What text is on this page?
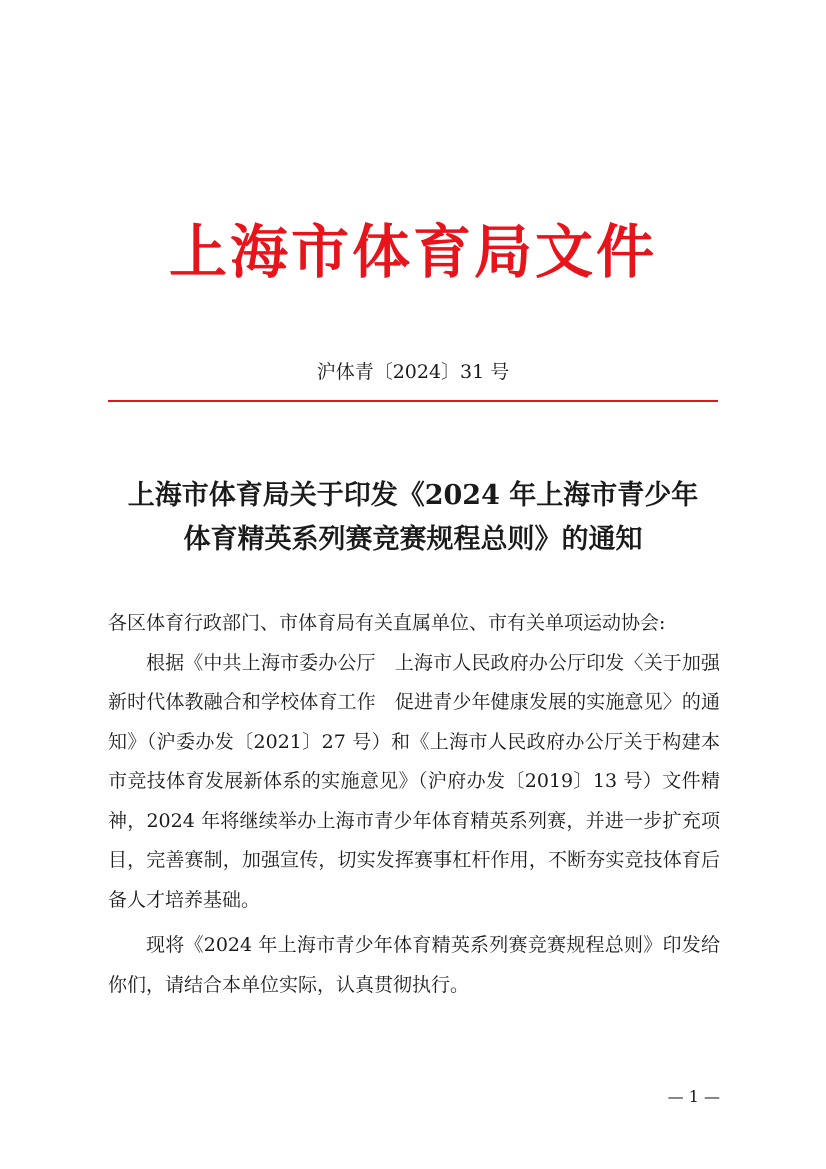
上海市体育局文件
沪体青〔2024〕31 号
上海市体育局关于印发《2024 年上海市青少年
体育精英系列赛竞赛规程总则》的通知

各区体育行政部门、市体育局有关直属单位、市有关单项运动协会:

根据《中共上海市委办公厅　上海市人民政府办公厅印发〈关于加强新时代体教融合和学校体育工作　促进青少年健康发展的实施意见〉的通知》（沪委办发〔2021〕27 号）和《上海市人民政府办公厅关于构建本市竞技体育发展新体系的实施意见》（沪府办发〔2019〕13 号）文件精神，2024 年将继续举办上海市青少年体育精英系列赛，并进一步扩充项目，完善赛制，加强宣传，切实发挥赛事杠杆作用，不断夯实竞技体育后备人才培养基础。

现将《2024 年上海市青少年体育精英系列赛竞赛规程总则》印发给你们，请结合本单位实际，认真贯彻执行。

— 1 —
